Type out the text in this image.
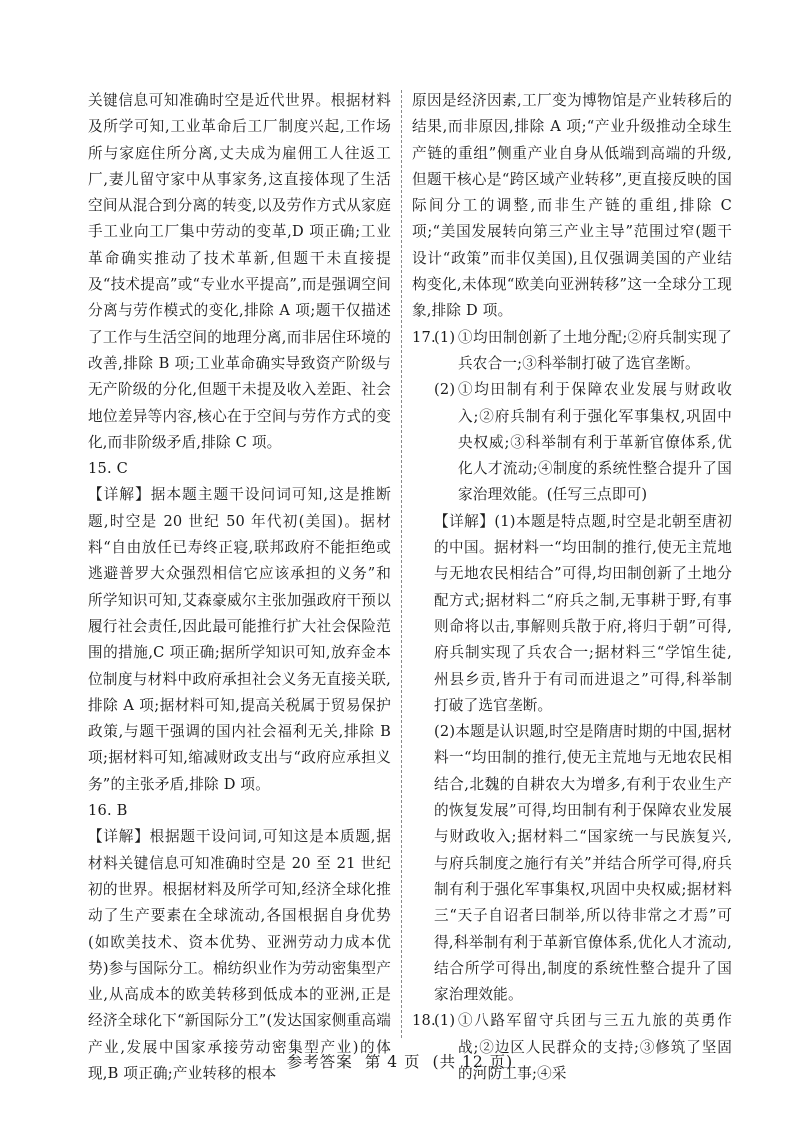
关键信息可知准确时空是近代世界。根据材料及所学可知,工业革命后工厂制度兴起,工作场所与家庭住所分离,丈夫成为雇佣工人往返工厂,妻儿留守家中从事家务,这直接体现了生活空间从混合到分离的转变,以及劳作方式从家庭手工业向工厂集中劳动的变革,D 项正确;工业革命确实推动了技术革新,但题干未直接提及“技术提高”或“专业水平提高”,而是强调空间分离与劳作模式的变化,排除 A 项;题干仅描述了工作与生活空间的地理分离,而非居住环境的改善,排除 B 项;工业革命确实导致资产阶级与无产阶级的分化,但题干未提及收入差距、社会地位差异等内容,核心在于空间与劳作方式的变化,而非阶级矛盾,排除 C 项。

15. C

【详解】据本题主题干设问词可知,这是推断题,时空是 20 世纪 50 年代初(美国)。据材料“自由放任已寿终正寝,联邦政府不能拒绝或逃避普罗大众强烈相信它应该承担的义务”和所学知识可知,艾森豪威尔主张加强政府干预以履行社会责任,因此最可能推行扩大社会保险范围的措施,C 项正确;据所学知识可知,放弃金本位制度与材料中政府承担社会义务无直接关联,排除 A 项;据材料可知,提高关税属于贸易保护政策,与题干强调的国内社会福利无关,排除 B 项;据材料可知,缩减财政支出与“政府应承担义务”的主张矛盾,排除 D 项。

16. B

【详解】根据题干设问词,可知这是本质题,据材料关键信息可知准确时空是 20 至 21 世纪初的世界。根据材料及所学可知,经济全球化推动了生产要素在全球流动,各国根据自身优势(如欧美技术、资本优势、亚洲劳动力成本优势)参与国际分工。棉纺织业作为劳动密集型产业,从高成本的欧美转移到低成本的亚洲,正是经济全球化下“新国际分工”(发达国家侧重高端产业,发展中国家承接劳动密集型产业)的体现,B 项正确;产业转移的根本

原因是经济因素,工厂变为博物馆是产业转移后的结果,而非原因,排除 A 项;“产业升级推动全球生产链的重组”侧重产业自身从低端到高端的升级,但题干核心是“跨区域产业转移”,更直接反映的国际间分工的调整,而非生产链的重组,排除 C 项;“美国发展转向第三产业主导”范围过窄(题干设计“政策”而非仅美国),且仅强调美国的产业结构变化,未体现“欧美向亚洲转移”这一全球分工现象,排除 D 项。

17.
(1) ①均田制创新了土地分配;②府兵制实现了兵农合一;③科举制打破了选官垄断。
(2) ①均田制有利于保障农业发展与财政收入;②府兵制有利于强化军事集权,巩固中央权威;③科举制有利于革新官僚体系,优化人才流动;④制度的系统性整合提升了国家治理效能。(任写三点即可)

【详解】(1)本题是特点题,时空是北朝至唐初的中国。据材料一“均田制的推行,使无主荒地与无地农民相结合”可得,均田制创新了土地分配方式;据材料二“府兵之制,无事耕于野,有事则命将以击,事解则兵散于府,将归于朝”可得,府兵制实现了兵农合一;据材料三“学馆生徒,州县乡贡,皆升于有司而进退之”可得,科举制打破了选官垄断。

(2)本题是认识题,时空是隋唐时期的中国,据材料一“均田制的推行,使无主荒地与无地农民相结合,北魏的自耕农大为增多,有利于农业生产的恢复发展”可得,均田制有利于保障农业发展与财政收入;据材料二“国家统一与民族复兴,与府兵制度之施行有关”并结合所学可得,府兵制有利于强化军事集权,巩固中央权威;据材料三“天子自诏者曰制举,所以待非常之才焉”可得,科举制有利于革新官僚体系,优化人才流动,结合所学可得出,制度的系统性整合提升了国家治理效能。

18.
(1) ①八路军留守兵团与三五九旅的英勇作战;②边区人民群众的支持;③修筑了坚固的河防工事;④采
参考答案 第 4 页 (共 12 页)
